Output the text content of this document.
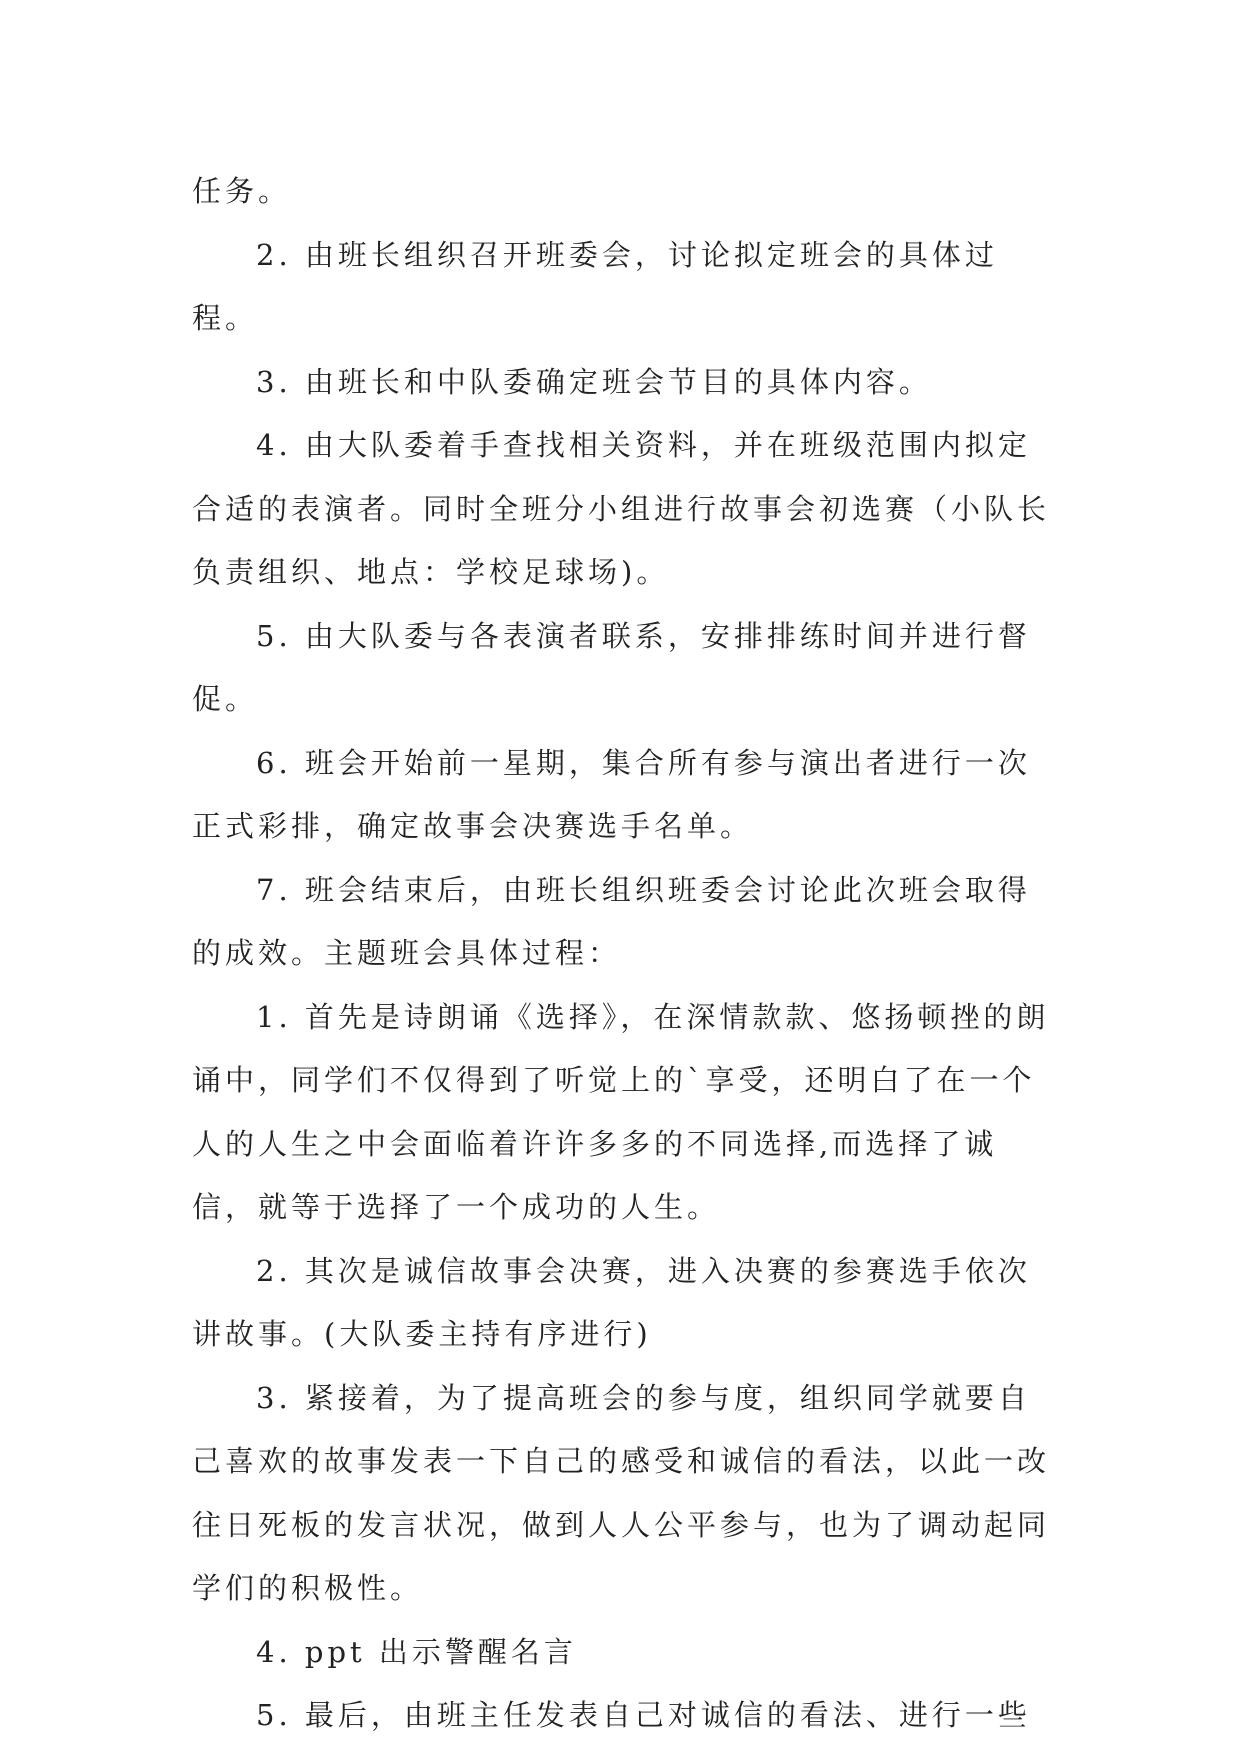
任务。

2. 由班长组织召开班委会，讨论拟定班会的具体过程。

3. 由班长和中队委确定班会节目的具体内容。

4. 由大队委着手查找相关资料，并在班级范围内拟定合适的表演者。同时全班分小组进行故事会初选赛（小队长负责组织、地点：学校足球场)。

5. 由大队委与各表演者联系，安排排练时间并进行督促。

6. 班会开始前一星期，集合所有参与演出者进行一次正式彩排，确定故事会决赛选手名单。

7. 班会结束后，由班长组织班委会讨论此次班会取得的成效。主题班会具体过程：

1. 首先是诗朗诵《选择》，在深情款款、悠扬顿挫的朗诵中，同学们不仅得到了听觉上的`享受，还明白了在一个人的人生之中会面临着许许多多的不同选择,而选择了诚信，就等于选择了一个成功的人生。

2. 其次是诚信故事会决赛，进入决赛的参赛选手依次讲故事。(大队委主持有序进行)

3. 紧接着，为了提高班会的参与度，组织同学就要自己喜欢的故事发表一下自己的感受和诚信的看法，以此一改往日死板的发言状况，做到人人公平参与，也为了调动起同学们的积极性。

4. ppt 出示警醒名言

5. 最后，由班主任发表自己对诚信的看法、进行一些
